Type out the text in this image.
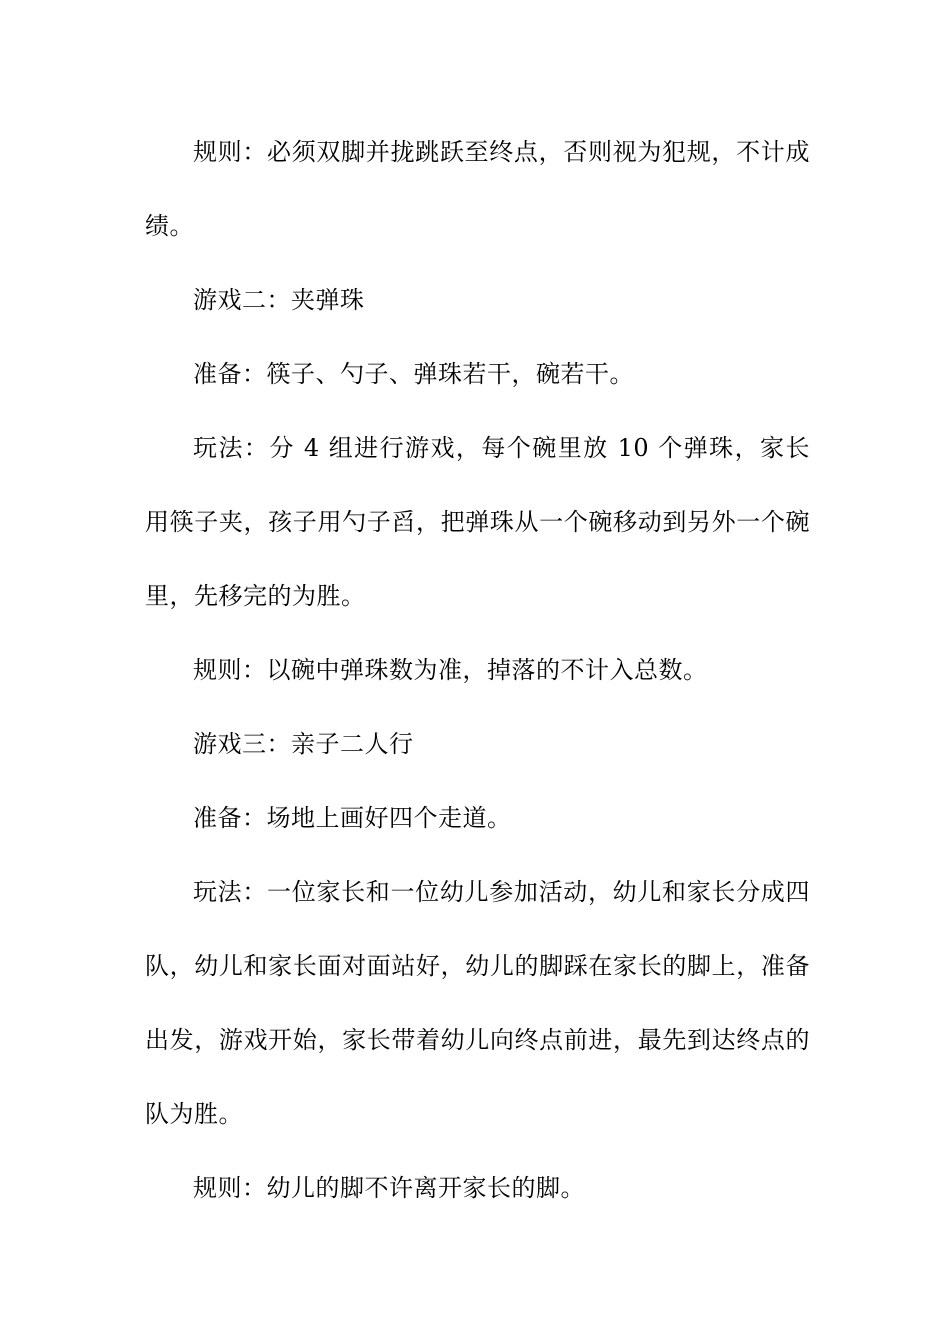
规则：必须双脚并拢跳跃至终点，否则视为犯规，不计成绩。

游戏二：夹弹珠

准备：筷子、勺子、弹珠若干，碗若干。

玩法：分 4 组进行游戏，每个碗里放 10 个弹珠，家长用筷子夹，孩子用勺子舀，把弹珠从一个碗移动到另外一个碗里，先移完的为胜。

规则：以碗中弹珠数为准，掉落的不计入总数。

游戏三：亲子二人行

准备：场地上画好四个走道。

玩法：一位家长和一位幼儿参加活动，幼儿和家长分成四队，幼儿和家长面对面站好，幼儿的脚踩在家长的脚上，准备出发，游戏开始，家长带着幼儿向终点前进，最先到达终点的队为胜。

规则：幼儿的脚不许离开家长的脚。
